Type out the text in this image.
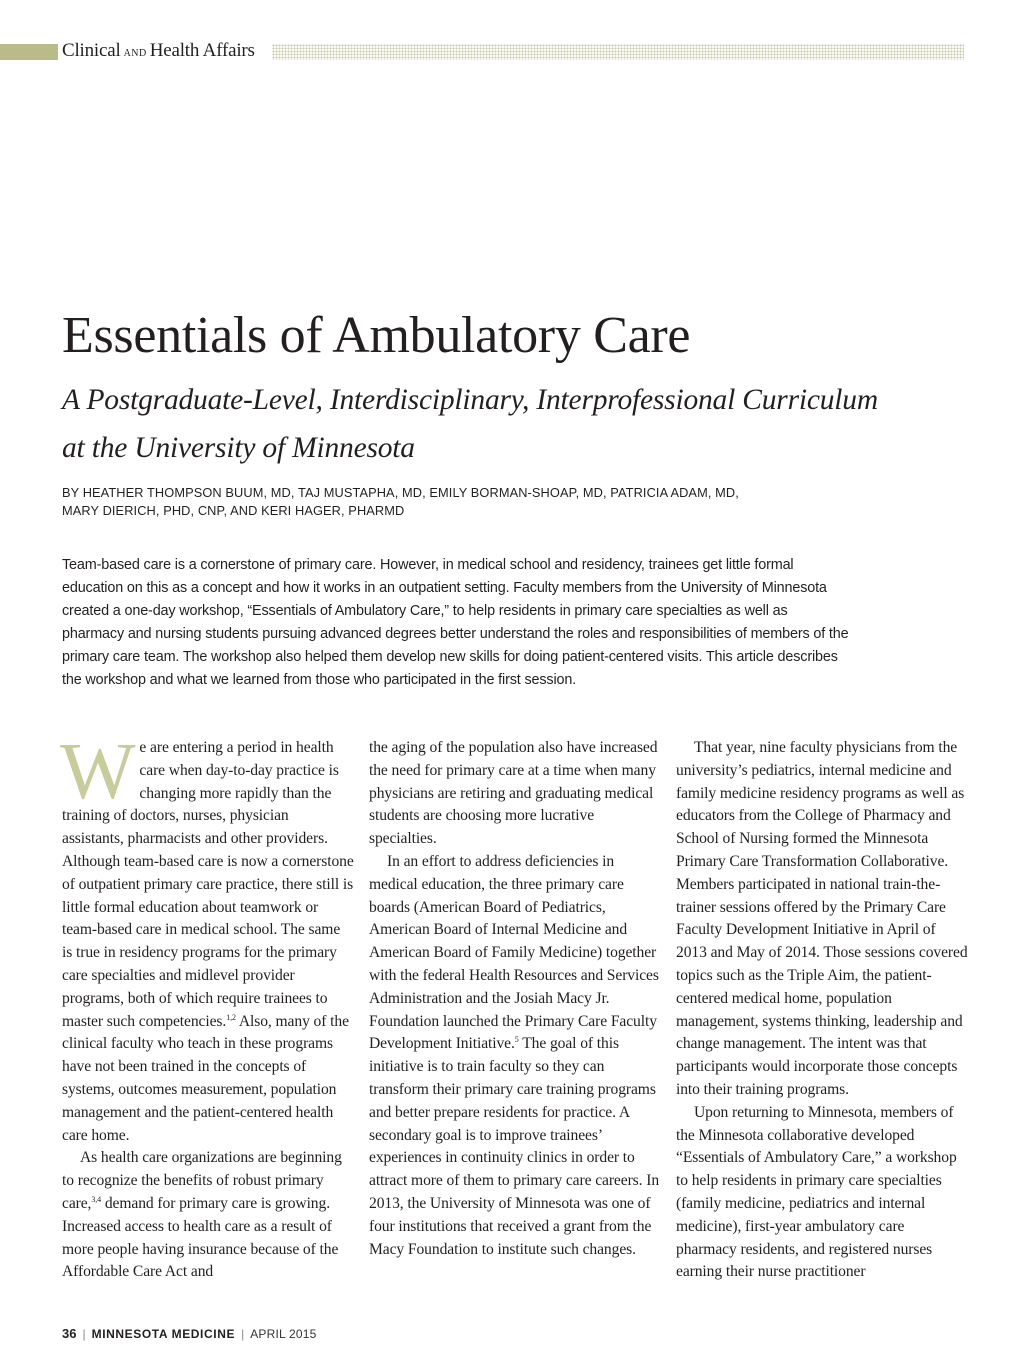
Clinical AND Health Affairs
Essentials of Ambulatory Care
A Postgraduate-Level, Interdisciplinary, Interprofessional Curriculum
at the University of Minnesota
BY HEATHER THOMPSON BUUM, MD, TAJ MUSTAPHA, MD, EMILY BORMAN-SHOAP, MD, PATRICIA ADAM, MD,
MARY DIERICH, PHD, CNP, AND KERI HAGER, PHARMD

Team-based care is a cornerstone of primary care. However, in medical school and residency, trainees get little formal education on this as a concept and how it works in an outpatient setting. Faculty members from the University of Minnesota created a one-day workshop, “Essentials of Ambulatory Care,” to help residents in primary care specialties as well as pharmacy and nursing students pursuing advanced degrees better understand the roles and responsibilities of members of the primary care team. The workshop also helped them develop new skills for doing patient-centered visits. This article describes the workshop and what we learned from those who participated in the first session.

We are entering a period in health care when day-to-day practice is changing more rapidly than the training of doctors, nurses, physician assistants, pharmacists and other providers. Although team-based care is now a cornerstone of outpatient primary care practice, there still is little formal education about teamwork or team-based care in medical school. The same is true in residency programs for the primary care specialties and midlevel provider programs, both of which require trainees to master such competencies.$^{1,2}$ Also, many of the clinical faculty who teach in these programs have not been trained in the concepts of systems, outcomes measurement, population management and the patient-centered health care home.

As health care organizations are beginning to recognize the benefits of robust primary care,$^{3,4}$ demand for primary care is growing. Increased access to health care as a result of more people having insurance because of the Affordable Care Act and

the aging of the population also have increased the need for primary care at a time when many physicians are retiring and graduating medical students are choosing more lucrative specialties.

In an effort to address deficiencies in medical education, the three primary care boards (American Board of Pediatrics, American Board of Internal Medicine and American Board of Family Medicine) together with the federal Health Resources and Services Administration and the Josiah Macy Jr. Foundation launched the Primary Care Faculty Development Initiative.$^5$ The goal of this initiative is to train faculty so they can transform their primary care training programs and better prepare residents for practice. A secondary goal is to improve trainees’ experiences in continuity clinics in order to attract more of them to primary care careers. In 2013, the University of Minnesota was one of four institutions that received a grant from the Macy Foundation to institute such changes.

That year, nine faculty physicians from the university’s pediatrics, internal medicine and family medicine residency programs as well as educators from the College of Pharmacy and School of Nursing formed the Minnesota Primary Care Transformation Collaborative. Members participated in national train-the-trainer sessions offered by the Primary Care Faculty Development Initiative in April of 2013 and May of 2014. Those sessions covered topics such as the Triple Aim, the patient-centered medical home, population management, systems thinking, leadership and change management. The intent was that participants would incorporate those concepts into their training programs.

Upon returning to Minnesota, members of the Minnesota collaborative developed “Essentials of Ambulatory Care,” a workshop to help residents in primary care specialties (family medicine, pediatrics and internal medicine), first-year ambulatory care pharmacy residents, and registered nurses earning their nurse practitioner

36 | MINNESOTA MEDICINE | APRIL 2015
